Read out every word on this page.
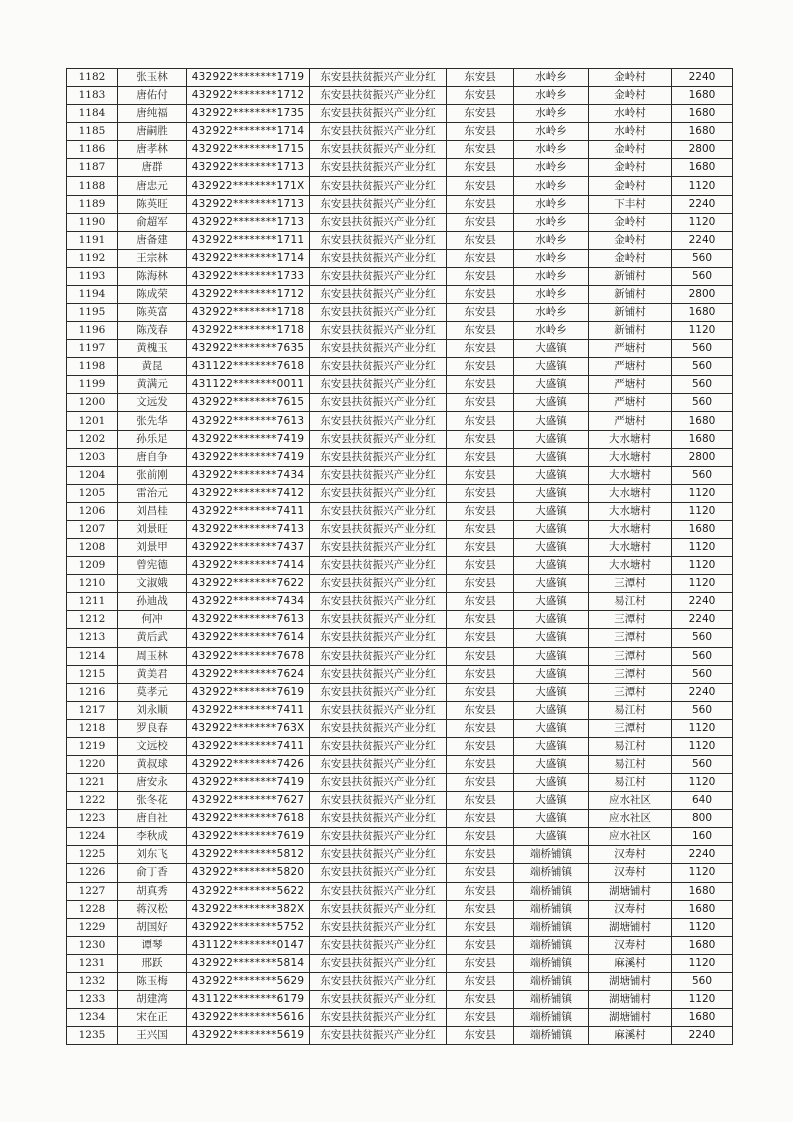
1182	张玉林	432922********1719	东安县扶贫振兴产业分红	东安县	水岭乡	金岭村	2240
1183	唐佑付	432922********1712	东安县扶贫振兴产业分红	东安县	水岭乡	金岭村	1680
1184	唐纯福	432922********1735	东安县扶贫振兴产业分红	东安县	水岭乡	水岭村	1680
1185	唐嗣胜	432922********1714	东安县扶贫振兴产业分红	东安县	水岭乡	水岭村	1680
1186	唐孝林	432922********1715	东安县扶贫振兴产业分红	东安县	水岭乡	金岭村	2800
1187	唐群	432922********1713	东安县扶贫振兴产业分红	东安县	水岭乡	金岭村	1680
1188	唐忠元	432922********171X	东安县扶贫振兴产业分红	东安县	水岭乡	金岭村	1120
1189	陈英旺	432922********1713	东安县扶贫振兴产业分红	东安县	水岭乡	下丰村	2240
1190	俞超军	432922********1713	东安县扶贫振兴产业分红	东安县	水岭乡	金岭村	1120
1191	唐备建	432922********1711	东安县扶贫振兴产业分红	东安县	水岭乡	金岭村	2240
1192	王宗林	432922********1714	东安县扶贫振兴产业分红	东安县	水岭乡	金岭村	560
1193	陈海林	432922********1733	东安县扶贫振兴产业分红	东安县	水岭乡	新铺村	560
1194	陈成荣	432922********1712	东安县扶贫振兴产业分红	东安县	水岭乡	新铺村	2800
1195	陈英富	432922********1718	东安县扶贫振兴产业分红	东安县	水岭乡	新铺村	1680
1196	陈茂春	432922********1718	东安县扶贫振兴产业分红	东安县	水岭乡	新铺村	1120
1197	黄槐玉	432922********7635	东安县扶贫振兴产业分红	东安县	大盛镇	严塘村	560
1198	黄昆	431122********7618	东安县扶贫振兴产业分红	东安县	大盛镇	严塘村	560
1199	黄满元	431122********0011	东安县扶贫振兴产业分红	东安县	大盛镇	严塘村	560
1200	文远发	432922********7615	东安县扶贫振兴产业分红	东安县	大盛镇	严塘村	560
1201	张先华	432922********7613	东安县扶贫振兴产业分红	东安县	大盛镇	严塘村	1680
1202	孙乐足	432922********7419	东安县扶贫振兴产业分红	东安县	大盛镇	大水塘村	1680
1203	唐自争	432922********7419	东安县扶贫振兴产业分红	东安县	大盛镇	大水塘村	2800
1204	张前刚	432922********7434	东安县扶贫振兴产业分红	东安县	大盛镇	大水塘村	560
1205	雷治元	432922********7412	东安县扶贫振兴产业分红	东安县	大盛镇	大水塘村	1120
1206	刘昌桂	432922********7411	东安县扶贫振兴产业分红	东安县	大盛镇	大水塘村	1120
1207	刘景旺	432922********7413	东安县扶贫振兴产业分红	东安县	大盛镇	大水塘村	1680
1208	刘景甲	432922********7437	东安县扶贫振兴产业分红	东安县	大盛镇	大水塘村	1120
1209	曾宪德	432922********7414	东安县扶贫振兴产业分红	东安县	大盛镇	大水塘村	1120
1210	文淑娥	432922********7622	东安县扶贫振兴产业分红	东安县	大盛镇	三潭村	1120
1211	孙迪战	432922********7434	东安县扶贫振兴产业分红	东安县	大盛镇	易江村	2240
1212	何冲	432922********7613	东安县扶贫振兴产业分红	东安县	大盛镇	三潭村	2240
1213	黄后武	432922********7614	东安县扶贫振兴产业分红	东安县	大盛镇	三潭村	560
1214	周玉林	432922********7678	东安县扶贫振兴产业分红	东安县	大盛镇	三潭村	560
1215	黄美君	432922********7624	东安县扶贫振兴产业分红	东安县	大盛镇	三潭村	560
1216	莫孝元	432922********7619	东安县扶贫振兴产业分红	东安县	大盛镇	三潭村	2240
1217	刘永顺	432922********7411	东安县扶贫振兴产业分红	东安县	大盛镇	易江村	560
1218	罗良春	432922********763X	东安县扶贫振兴产业分红	东安县	大盛镇	三潭村	1120
1219	文远校	432922********7411	东安县扶贫振兴产业分红	东安县	大盛镇	易江村	1120
1220	黄叔球	432922********7426	东安县扶贫振兴产业分红	东安县	大盛镇	易江村	560
1221	唐安永	432922********7419	东安县扶贫振兴产业分红	东安县	大盛镇	易江村	1120
1222	张冬花	432922********7627	东安县扶贫振兴产业分红	东安县	大盛镇	应水社区	640
1223	唐自社	432922********7618	东安县扶贫振兴产业分红	东安县	大盛镇	应水社区	800
1224	李秋成	432922********7619	东安县扶贫振兴产业分红	东安县	大盛镇	应水社区	160
1225	刘东飞	432922********5812	东安县扶贫振兴产业分红	东安县	端桥铺镇	汉寿村	2240
1226	俞丁香	432922********5820	东安县扶贫振兴产业分红	东安县	端桥铺镇	汉寿村	1120
1227	胡真秀	432922********5622	东安县扶贫振兴产业分红	东安县	端桥铺镇	湖塘铺村	1680
1228	蒋汉松	432922********382X	东安县扶贫振兴产业分红	东安县	端桥铺镇	汉寿村	1680
1229	胡国好	432922********5752	东安县扶贫振兴产业分红	东安县	端桥铺镇	湖塘铺村	1120
1230	谭琴	431122********0147	东安县扶贫振兴产业分红	东安县	端桥铺镇	汉寿村	1680
1231	邢跃	432922********5814	东安县扶贫振兴产业分红	东安县	端桥铺镇	麻溪村	1120
1232	陈玉梅	432922********5629	东安县扶贫振兴产业分红	东安县	端桥铺镇	湖塘铺村	560
1233	胡建湾	431122********6179	东安县扶贫振兴产业分红	东安县	端桥铺镇	湖塘铺村	1120
1234	宋在正	432922********5616	东安县扶贫振兴产业分红	东安县	端桥铺镇	湖塘铺村	1680
1235	王兴国	432922********5619	东安县扶贫振兴产业分红	东安县	端桥铺镇	麻溪村	2240
